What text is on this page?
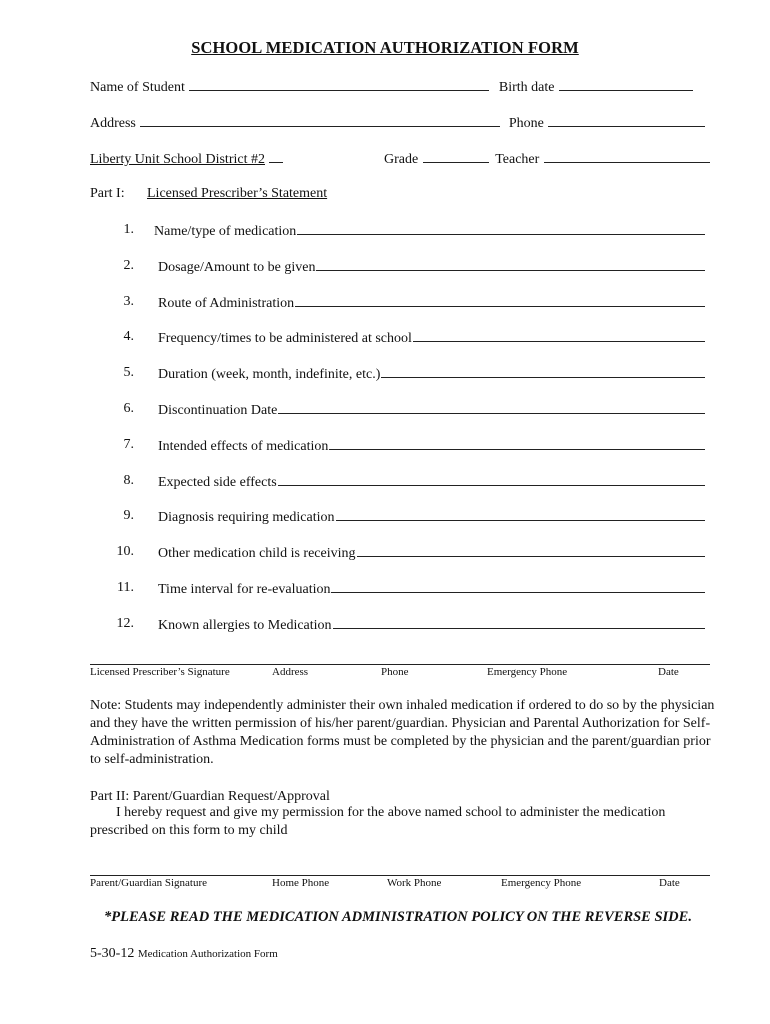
SCHOOL MEDICATION AUTHORIZATION FORM
Name of Student	Birth date
Address	Phone
Liberty Unit School District #2	Grade	Teacher
Part I: Licensed Prescriber’s Statement
1. Name/type of medication
2. Dosage/Amount to be given
3. Route of Administration
4. Frequency/times to be administered at school
5. Duration (week, month, indefinite, etc.)
6. Discontinuation Date
7. Intended effects of medication
8. Expected side effects
9. Diagnosis requiring medication
10. Other medication child is receiving
11. Time interval for re-evaluation
12. Known allergies to Medication
Licensed Prescriber’s Signature	Address	Phone	Emergency Phone	Date
Note: Students may independently administer their own inhaled medication if ordered to do so by the physician and they have the written permission of his/her parent/guardian. Physician and Parental Authorization for Self-Administration of Asthma Medication forms must be completed by the physician and the parent/guardian prior to self-administration.
Part II: Parent/Guardian Request/Approval
I hereby request and give my permission for the above named school to administer the medication prescribed on this form to my child
Parent/Guardian Signature	Home Phone	Work Phone	Emergency Phone	Date
*PLEASE READ THE MEDICATION ADMINISTRATION POLICY ON THE REVERSE SIDE.
5-30-12 Medication Authorization Form
